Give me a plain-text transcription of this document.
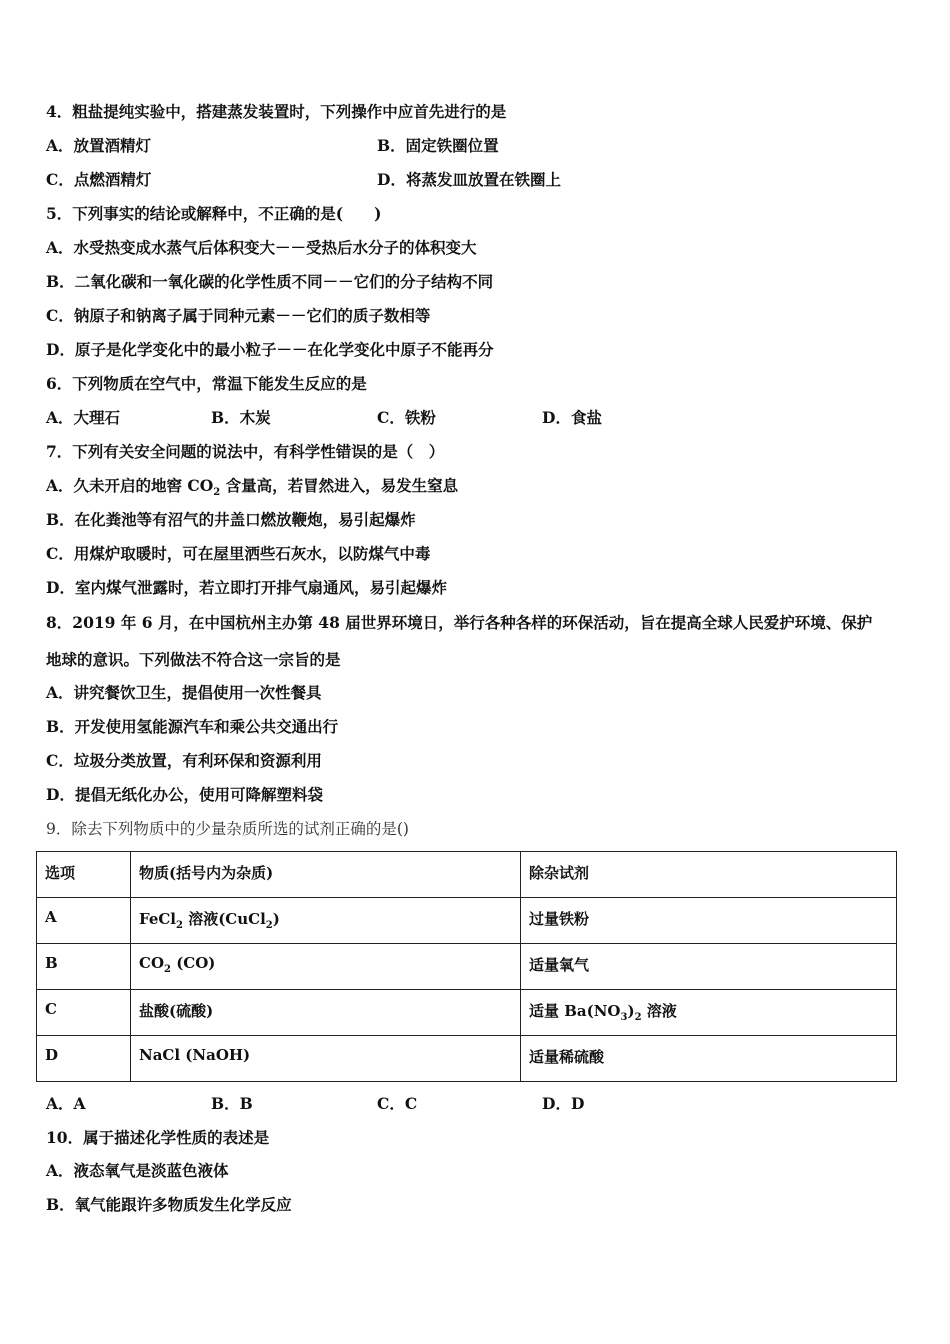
4．粗盐提纯实验中，搭建蒸发装置时，下列操作中应首先进行的是
A．放置酒精灯	B．固定铁圈位置
C．点燃酒精灯	D．将蒸发皿放置在铁圈上
5．下列事实的结论或解释中，不正确的是(　　)
A．水受热变成水蒸气后体积变大－－受热后水分子的体积变大
B．二氧化碳和一氧化碳的化学性质不同－－它们的分子结构不同
C．钠原子和钠离子属于同种元素－－它们的质子数相等
D．原子是化学变化中的最小粒子－－在化学变化中原子不能再分
6．下列物质在空气中，常温下能发生反应的是
A．大理石	B．木炭	C．铁粉	D．食盐
7．下列有关安全问题的说法中，有科学性错误的是（　）
A．久未开启的地窖 $CO_2$ 含量高，若冒然进入，易发生窒息
B．在化粪池等有沼气的井盖口燃放鞭炮，易引起爆炸
C．用煤炉取暖时，可在屋里洒些石灰水，以防煤气中毒
D．室内煤气泄露时，若立即打开排气扇通风，易引起爆炸
8．2019 年 6 月，在中国杭州主办第 48 届世界环境日，举行各种各样的环保活动，旨在提高全球人民爱护环境、保护
地球的意识。下列做法不符合这一宗旨的是
A．讲究餐饮卫生，提倡使用一次性餐具
B．开发使用氢能源汽车和乘公共交通出行
C．垃圾分类放置，有利环保和资源利用
D．提倡无纸化办公，使用可降解塑料袋
9．除去下列物质中的少量杂质所选的试剂正确的是()
选项	物质(括号内为杂质)	除杂试剂
A	FeCl$_2$ 溶液(CuCl$_2$)	过量铁粉
B	$CO_2$ (CO)	适量氧气
C	盐酸(硫酸)	适量 $Ba(NO_3)_2$ 溶液
D	NaCl (NaOH)	适量稀硫酸
A．A	B．B	C．C	D．D
10．属于描述化学性质的表述是
A．液态氧气是淡蓝色液体
B．氧气能跟许多物质发生化学反应
